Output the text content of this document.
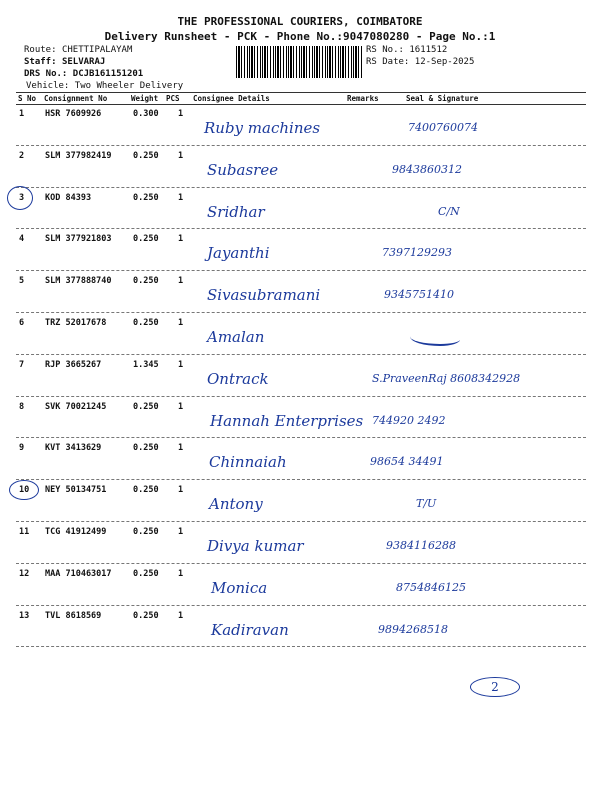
THE PROFESSIONAL COURIERS, COIMBATORE
Delivery Runsheet - PCK - Phone No.:9047080280 - Page No.:1
Route: CHETTIPALAYAM
Staff: SELVARAJ
DRS No.: DCJB161151201
Vehicle: Two Wheeler Delivery
RS No.: 1611512
RS Date: 12-Sep-2025
S No Consignment No	Weight PCS Consignee Details	Remarks	Seal & Signature
1 HSR 7609926	0.300 1
Ruby machines	7400760074
2 SLM 377982419	0.250 1
Subasree	9843860312
3 KOD 84393	0.250 1
Sridhar	C/N
4 SLM 377921803	0.250 1
Jayanthi	7397129293
5 SLM 377888740	0.250 1
Sivasubramani	9345751410
6 TRZ 52017678	0.250 1
Amalan
7 RJP 3665267	1.345 1
Ontrack	S.PraveenRaj 8608342928
8 SVK 70021245	0.250 1
Hannah Enterprises 744920 2492
9 KVT 3413629	0.250 1
Chinnaiah	98654 34491
10 NEY 50134751	0.250 1
Antony	T/U
11 TCG 41912499	0.250 1
Divya kumar	9384116288
12 MAA 710463017	0.250 1
Monica	8754846125
13 TVL 8618569	0.250 1
Kadiravan	9894268518
2
